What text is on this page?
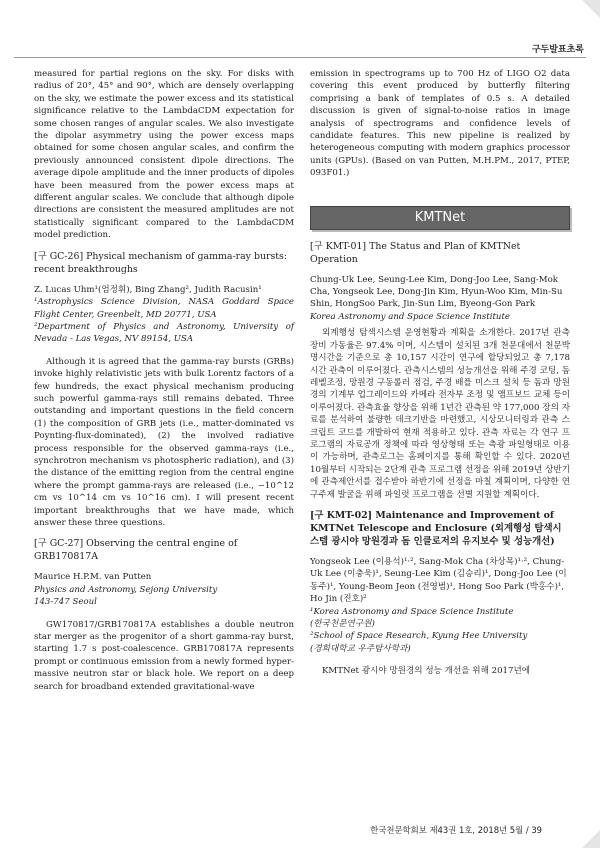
구두발표초록

measured for partial regions on the sky. For disks with radius of 20°, 45° and 90°, which are densely overlapping on the sky, we estimate the power excess and its statistical significance relative to the LambdaCDM expectation for some chosen ranges of angular scales. We also investigate the dipolar asymmetry using the power excess maps obtained for some chosen angular scales, and confirm the previously announced consistent dipole directions. The average dipole amplitude and the inner products of dipoles have been measured from the power excess maps at different angular scales. We conclude that although dipole directions are consistent the measured amplitudes are not statistically significant compared to the LambdaCDM model prediction.

[구 GC-26] Physical mechanism of gamma-ray bursts: recent breakthroughs

Z. Lucas Uhm¹(엄정휘), Bing Zhang², Judith Racusin¹

¹Astrophysics Science Division, NASA Goddard Space Flight Center, Greenbelt, MD 20771, USA

²Department of Physics and Astronomy, University of Nevada - Las Vegas, NV 89154, USA

Although it is agreed that the gamma-ray bursts (GRBs) invoke highly relativistic jets with bulk Lorentz factors of a few hundreds, the exact physical mechanism producing such powerful gamma-rays still remains debated. Three outstanding and important questions in the field concern (1) the composition of GRB jets (i.e., matter-dominated vs Poynting-flux-dominated), (2) the involved radiative process responsible for the observed gamma-rays (i.e., synchrotron mechanism vs photospheric radiation), and (3) the distance of the emitting region from the central engine where the prompt gamma-rays are released (i.e., ~10^12 cm vs 10^14 cm vs 10^16 cm). I will present recent important breakthroughs that we have made, which answer these three questions.

[구 GC-27] Observing the central engine of GRB170817A

Maurice H.P.M. van Putten

Physics and Astronomy, Sejong University

143-747 Seoul

GW170817/GRB170817A establishes a double neutron star merger as the progenitor of a short gamma-ray burst, starting 1.7 s post-coalescence. GRB170817A represents prompt or continuous emission from a newly formed hyper-massive neutron star or black hole. We report on a deep search for broadband extended gravitational-wave

emission in spectrograms up to 700 Hz of LIGO O2 data covering this event produced by butterfly filtering comprising a bank of templates of 0.5 s. A detailed discussion is given of signal-to-noise ratios in image analysis of spectrograms and confidence levels of candidate features. This new pipeline is realized by heterogeneous computing with modern graphics processor units (GPUs). (Based on van Putten, M.H.PM., 2017, PTEP, 093F01.)

KMTNet
[구 KMT-01] The Status and Plan of KMTNet Operation

Chung-Uk Lee, Seung-Lee Kim, Dong-Joo Lee, Sang-Mok Cha, Yongseok Lee, Dong-Jin Kim, Hyun-Woo Kim, Min-Su Shin, HongSoo Park, Jin-Sun Lim, Byeong-Gon Park

Korea Astronomy and Space Science Institute

외계행성 탐색시스템 운영현황과 계획을 소개한다. 2017년 관측장비 가동율은 97.4% 이며, 시스템이 설치된 3개 천문대에서 천문박명시간을 기준으로 총 10,157 시간이 연구에 할당되었고 총 7,178 시간 관측이 이루어졌다. 관측시스템의 성능개선을 위해 주경 코팅, 돔 레벨조정, 망원경 구동롤러 점검, 주경 배플 미스크 설치 등 돔과 망원경의 기계부 업그레이드와 카메라 전자부 조정 및 앰프보드 교체 등이 이루어졌다. 관측효율 향상을 위해 1년간 관측된 약 177,000 장의 자료를 분석하여 불량한 데크기반을 마련했고, 시상모니터링과 관측 스크립트 코드를 개발하여 현재 적용하고 있다. 관측 자료는 각 연구 프로그램의 자료공개 정책에 따라 영상형태 또는 측광 파일형태로 이용이 가능하며, 관측로그는 홈페이지를 통해 확인할 수 있다. 2020년 10월부터 시작되는 2단계 관측 프로그램 선정을 위해 2019년 상반기에 관측제안서를 접수받아 하반기에 선정을 마칠 계획이며, 다양한 연구주제 발굴을 위해 파일럿 프로그램을 선별 지원할 계획이다.

[구 KMT-02] Maintenance and Improvement of KMTNet Telescope and Enclosure (외계행성 탐색시스템 광시야 망원경과 돔 인클로저의 유지보수 및 성능개선)

Yongseok Lee (이용석)¹·², Sang-Mok Cha (차상목)¹·², Chung-Uk Lee (이충욱)¹, Seung-Lee Kim (김승리)¹, Dong-Joo Lee (이동주)¹, Young-Beom Jeon (전영범)¹, Hong Soo Park (박홍수)¹, Ho Jin (진호)²

¹Korea Astronomy and Space Science Institute

(한국천문연구원)

²School of Space Research, Kyung Hee University

(경희대학교 우주탐사학과)

KMTNet 광시야 망원경의 성능 개선을 위해 2017년에

한국천문학회보 제43권 1호, 2018년 5월 / 39
